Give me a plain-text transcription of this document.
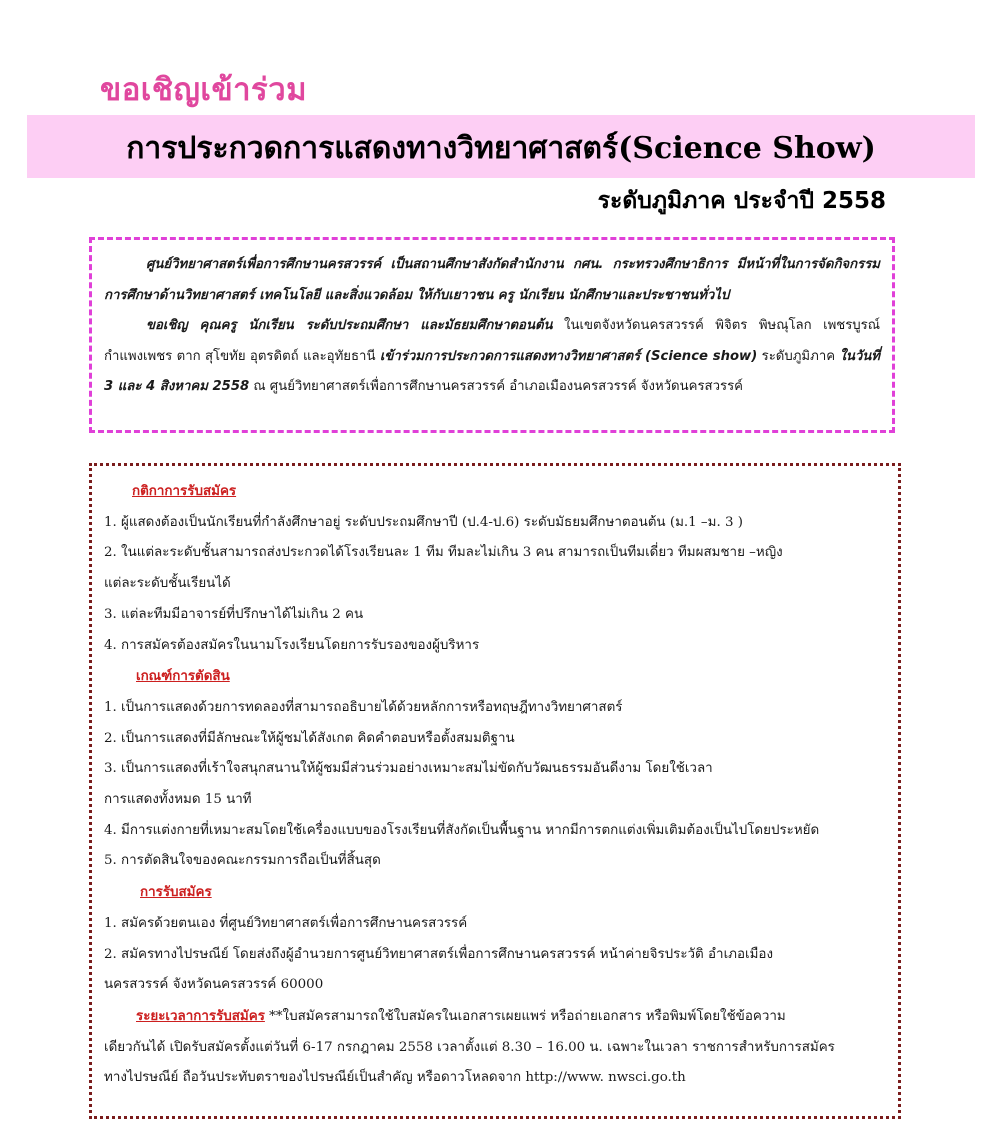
ขอเชิญเข้าร่วม
การประกวดการแสดงทางวิทยาศาสตร์(Science Show)
ระดับภูมิภาค ประจำปี 2558

ศูนย์วิทยาศาสตร์เพื่อการศึกษานครสวรรค์ เป็นสถานศึกษาสังกัดสำนักงาน กศน. กระทรวงศึกษาธิการ มีหน้าที่ในการจัดกิจกรรมการศึกษาด้านวิทยาศาสตร์ เทคโนโลยี และสิ่งแวดล้อม ให้กับเยาวชน ครู นักเรียน นักศึกษาและประชาชนทั่วไป

ขอเชิญ คุณครู นักเรียน ระดับประถมศึกษา และมัธยมศึกษาตอนต้น ในเขตจังหวัดนครสวรรค์ พิจิตร พิษณุโลก เพชรบูรณ์ กำแพงเพชร ตาก สุโขทัย อุตรดิตถ์ และอุทัยธานี เข้าร่วมการประกวดการแสดงทางวิทยาศาสตร์ (Science show) ระดับภูมิภาค ในวันที่ 3 และ 4 สิงหาคม 2558 ณ ศูนย์วิทยาศาสตร์เพื่อการศึกษานครสวรรค์ อำเภอเมืองนครสวรรค์ จังหวัดนครสวรรค์

กติกาการรับสมัคร
1. ผู้แสดงต้องเป็นนักเรียนที่กำลังศึกษาอยู่ ระดับประถมศึกษาปี (ป.4-ป.6) ระดับมัธยมศึกษาตอนต้น (ม.1 –ม. 3 )
2. ในแต่ละระดับชั้นสามารถส่งประกวดได้โรงเรียนละ 1 ทีม ทีมละไม่เกิน 3 คน สามารถเป็นทีมเดี่ยว ทีมผสมชาย –หญิง
แต่ละระดับชั้นเรียนได้
3. แต่ละทีมมีอาจารย์ที่ปรึกษาได้ไม่เกิน 2 คน
4. การสมัครต้องสมัครในนามโรงเรียนโดยการรับรองของผู้บริหาร
เกณฑ์การตัดสิน
1. เป็นการแสดงด้วยการทดลองที่สามารถอธิบายได้ด้วยหลักการหรือทฤษฎีทางวิทยาศาสตร์
2. เป็นการแสดงที่มีลักษณะให้ผู้ชมได้สังเกต คิดคำตอบหรือตั้งสมมติฐาน
3. เป็นการแสดงที่เร้าใจสนุกสนานให้ผู้ชมมีส่วนร่วมอย่างเหมาะสมไม่ขัดกับวัฒนธรรมอันดีงาม โดยใช้เวลา
การแสดงทั้งหมด 15 นาที
4. มีการแต่งกายที่เหมาะสมโดยใช้เครื่องแบบของโรงเรียนที่สังกัดเป็นพื้นฐาน หากมีการตกแต่งเพิ่มเติมต้องเป็นไปโดยประหยัด
5. การตัดสินใจของคณะกรรมการถือเป็นที่สิ้นสุด
การรับสมัคร
1. สมัครด้วยตนเอง ที่ศูนย์วิทยาศาสตร์เพื่อการศึกษานครสวรรค์
2. สมัครทางไปรษณีย์ โดยส่งถึงผู้อำนวยการศูนย์วิทยาศาสตร์เพื่อการศึกษานครสวรรค์ หน้าค่ายจิรประวัติ อำเภอเมือง
นครสวรรค์ จังหวัดนครสวรรค์ 60000
ระยะเวลาการรับสมัคร **ใบสมัครสามารถใช้ใบสมัครในเอกสารเผยแพร่ หรือถ่ายเอกสาร หรือพิมพ์โดยใช้ข้อความ
เดียวกันได้ เปิดรับสมัครตั้งแต่วันที่ 6-17 กรกฎาคม 2558 เวลาตั้งแต่ 8.30 – 16.00 น. เฉพาะในเวลา ราชการสำหรับการสมัคร
ทางไปรษณีย์ ถือวันประทับตราของไปรษณีย์เป็นสำคัญ หรือดาวโหลดจาก http://www. nwsci.go.th
